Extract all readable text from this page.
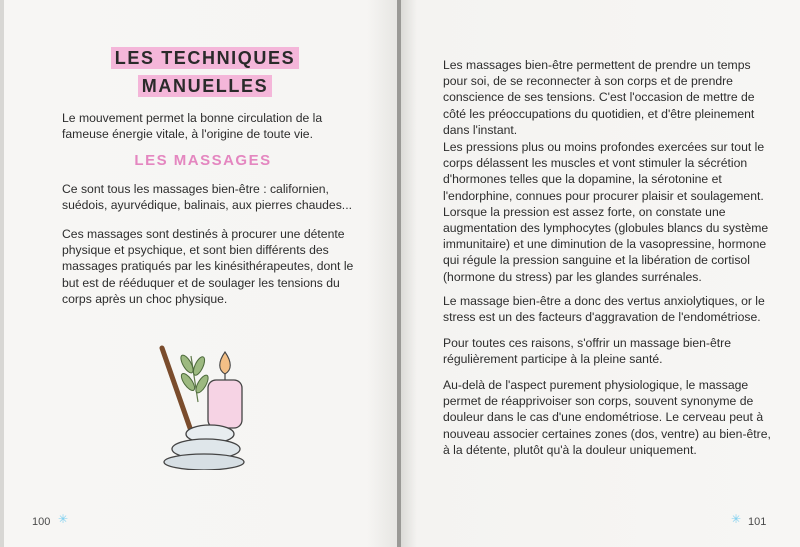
LES TECHNIQUES
MANUELLES

Le mouvement permet la bonne circulation de la fameuse énergie vitale, à l'origine de toute vie.

LES MASSAGES

Ce sont tous les massages bien-être : californien, suédois, ayurvédique, balinais, aux pierres chaudes...

Ces massages sont destinés à procurer une détente physique et psychique, et sont bien différents des massages pratiqués par les kinésithérapeutes, dont le but est de rééduquer et de soulager les tensions du corps après un choc physique.

100 ✳

Les massages bien-être permettent de prendre un temps pour soi, de se reconnecter à son corps et de prendre conscience de ses tensions. C'est l'occasion de mettre de côté les préoccupations du quotidien, et d'être pleinement dans l'instant.

Les pressions plus ou moins profondes exercées sur tout le corps délassent les muscles et vont stimuler la sécrétion d'hormones telles que la dopamine, la sérotonine et l'endorphine, connues pour procurer plaisir et soulagement. Lorsque la pression est assez forte, on constate une augmentation des lymphocytes (globules blancs du système immunitaire) et une diminution de la vasopressine, hormone qui régule la pression sanguine et la libération de cortisol (hormone du stress) par les glandes surrénales.

Le massage bien-être a donc des vertus anxiolytiques, or le stress est un des facteurs d'aggravation de l'endométriose.

Pour toutes ces raisons, s'offrir un massage bien-être régulièrement participe à la pleine santé.

Au-delà de l'aspect purement physiologique, le massage permet de réapprivoiser son corps, souvent synonyme de douleur dans le cas d'une endométriose. Le cerveau peut à nouveau associer certaines zones (dos, ventre) au bien-être, à la détente, plutôt qu'à la douleur uniquement.

✳ 101
